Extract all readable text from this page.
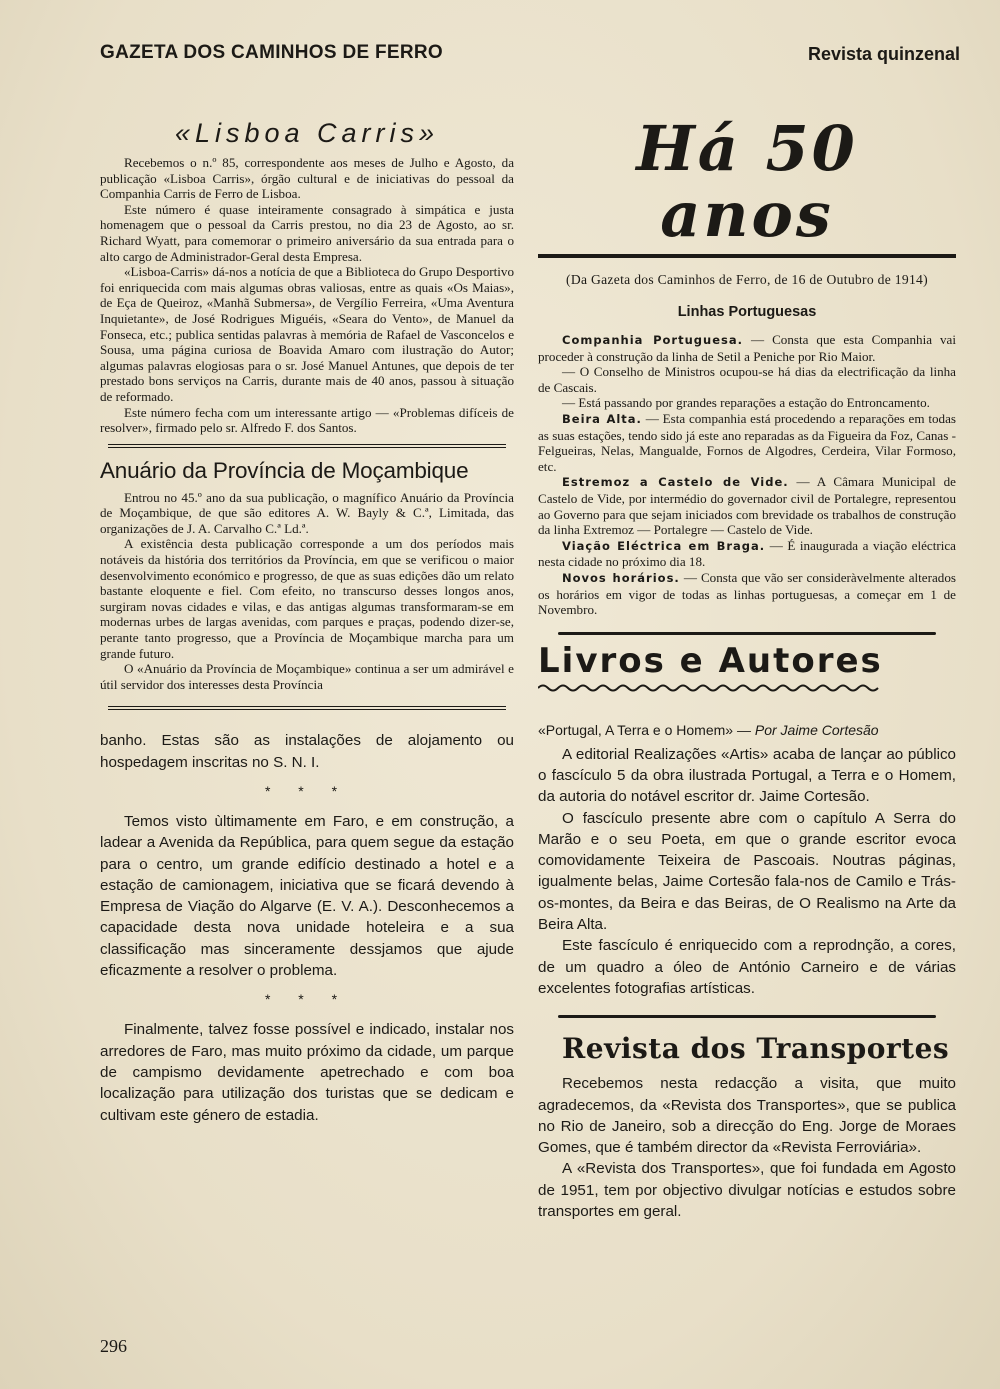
GAZETA DOS CAMINHOS DE FERRO	Revista quinzenal
«Lisboa Carris»

Recebemos o n.º 85, correspondente aos meses de Julho e Agosto, da publicação «Lisboa Carris», órgão cultural e de iniciativas do pessoal da Companhia Carris de Ferro de Lisboa.

Este número é quase inteiramente consagrado à simpática e justa homenagem que o pessoal da Carris prestou, no dia 23 de Agosto, ao sr. Richard Wyatt, para comemorar o primeiro aniversário da sua entrada para o alto cargo de Administrador-Geral desta Empresa.

«Lisboa-Carris» dá-nos a notícia de que a Biblioteca do Grupo Desportivo foi enriquecida com mais algumas obras valiosas, entre as quais «Os Maias», de Eça de Queiroz, «Manhã Submersa», de Vergílio Ferreira, «Uma Aventura Inquietante», de José Rodrigues Miguéis, «Seara do Vento», de Manuel da Fonseca, etc.; publica sentidas palavras à memória de Rafael de Vasconcelos e Sousa, uma página curiosa de Boavida Amaro com ilustração do Autor; algumas palavras elogiosas para o sr. José Manuel Antunes, que depois de ter prestado bons serviços na Carris, durante mais de 40 anos, passou à situação de reformado.

Este número fecha com um interessante artigo — «Problemas difíceis de resolver», firmado pelo sr. Alfredo F. dos Santos.

Anuário da Província de Moçambique

Entrou no 45.º ano da sua publicação, o magnífico Anuário da Província de Moçambique, de que são editores A. W. Bayly & C.ª, Limitada, das organizações de J. A. Carvalho C.ª Ld.ª.

A existência desta publicação corresponde a um dos períodos mais notáveis da história dos territórios da Província, em que se verificou o maior desenvolvimento económico e progresso, de que as suas edições dão um relato bastante eloquente e fiel. Com efeito, no transcurso desses longos anos, surgiram novas cidades e vilas, e das antigas algumas transformaram-se em modernas urbes de largas avenidas, com parques e praças, podendo dizer-se, perante tanto progresso, que a Província de Moçambique marcha para um grande futuro.

O «Anuário da Província de Moçambique» continua a ser um admirável e útil servidor dos interesses desta Província

banho. Estas são as instalações de alojamento ou hospedagem inscritas no S. N. I.

* * *

Temos visto ùltimamente em Faro, e em construção, a ladear a Avenida da República, para quem segue da estação para o centro, um grande edifício destinado a hotel e a estação de camionagem, iniciativa que se ficará devendo à Empresa de Viação do Algarve (E. V. A.). Desconhecemos a capacidade desta nova unidade hoteleira e a sua classificação mas sinceramente dessjamos que ajude eficazmente a resolver o problema.

* * *

Finalmente, talvez fosse possível e indicado, instalar nos arredores de Faro, mas muito próximo da cidade, um parque de campismo devidamente apetrechado e com boa localização para utilização dos turistas que se dedicam e cultivam este género de estadia.

296
Há 50 anos
(Da Gazeta dos Caminhos de Ferro, de 16 de Outubro de 1914)
Linhas Portuguesas

Companhia Portuguesa. — Consta que esta Companhia vai proceder à construção da linha de Setil a Peniche por Rio Maior.

— O Conselho de Ministros ocupou-se há dias da electrificação da linha de Cascais.

— Está passando por grandes reparações a estação do Entroncamento.

Beira Alta. — Esta companhia está procedendo a reparações em todas as suas estações, tendo sido já este ano reparadas as da Figueira da Foz, Canas - Felgueiras, Nelas, Mangualde, Fornos de Algodres, Cerdeira, Vilar Formoso, etc.

Estremoz a Castelo de Vide. — A Câmara Municipal de Castelo de Vide, por intermédio do governador civil de Portalegre, representou ao Governo para que sejam iniciados com brevidade os trabalhos de construção da linha Extremoz — Portalegre — Castelo de Vide.

Viação Eléctrica em Braga. — É inaugurada a viação eléctrica nesta cidade no próximo dia 18.

Novos horários. — Consta que vão ser consideràvelmente alterados os horários em vigor de todas as linhas portuguesas, a começar em 1 de Novembro.

Livros e Autores
«Portugal, A Terra e o Homem» — Por Jaime Cortesão

A editorial Realizações «Artis» acaba de lançar ao público o fascículo 5 da obra ilustrada Portugal, a Terra e o Homem, da autoria do notável escritor dr. Jaime Cortesão.

O fascículo presente abre com o capítulo A Serra do Marão e o seu Poeta, em que o grande escritor evoca comovidamente Teixeira de Pascoais. Noutras páginas, igualmente belas, Jaime Cortesão fala-nos de Camilo e Trás-os-montes, da Beira e das Beiras, de O Realismo na Arte da Beira Alta.

Este fascículo é enriquecido com a reprodnção, a cores, de um quadro a óleo de António Carneiro e de várias excelentes fotografias artísticas.

Revista dos Transportes

Recebemos nesta redacção a visita, que muito agradecemos, da «Revista dos Transportes», que se publica no Rio de Janeiro, sob a direcção do Eng. Jorge de Moraes Gomes, que é também director da «Revista Ferroviária».

A «Revista dos Transportes», que foi fundada em Agosto de 1951, tem por objectivo divulgar notícias e estudos sobre transportes em geral.
